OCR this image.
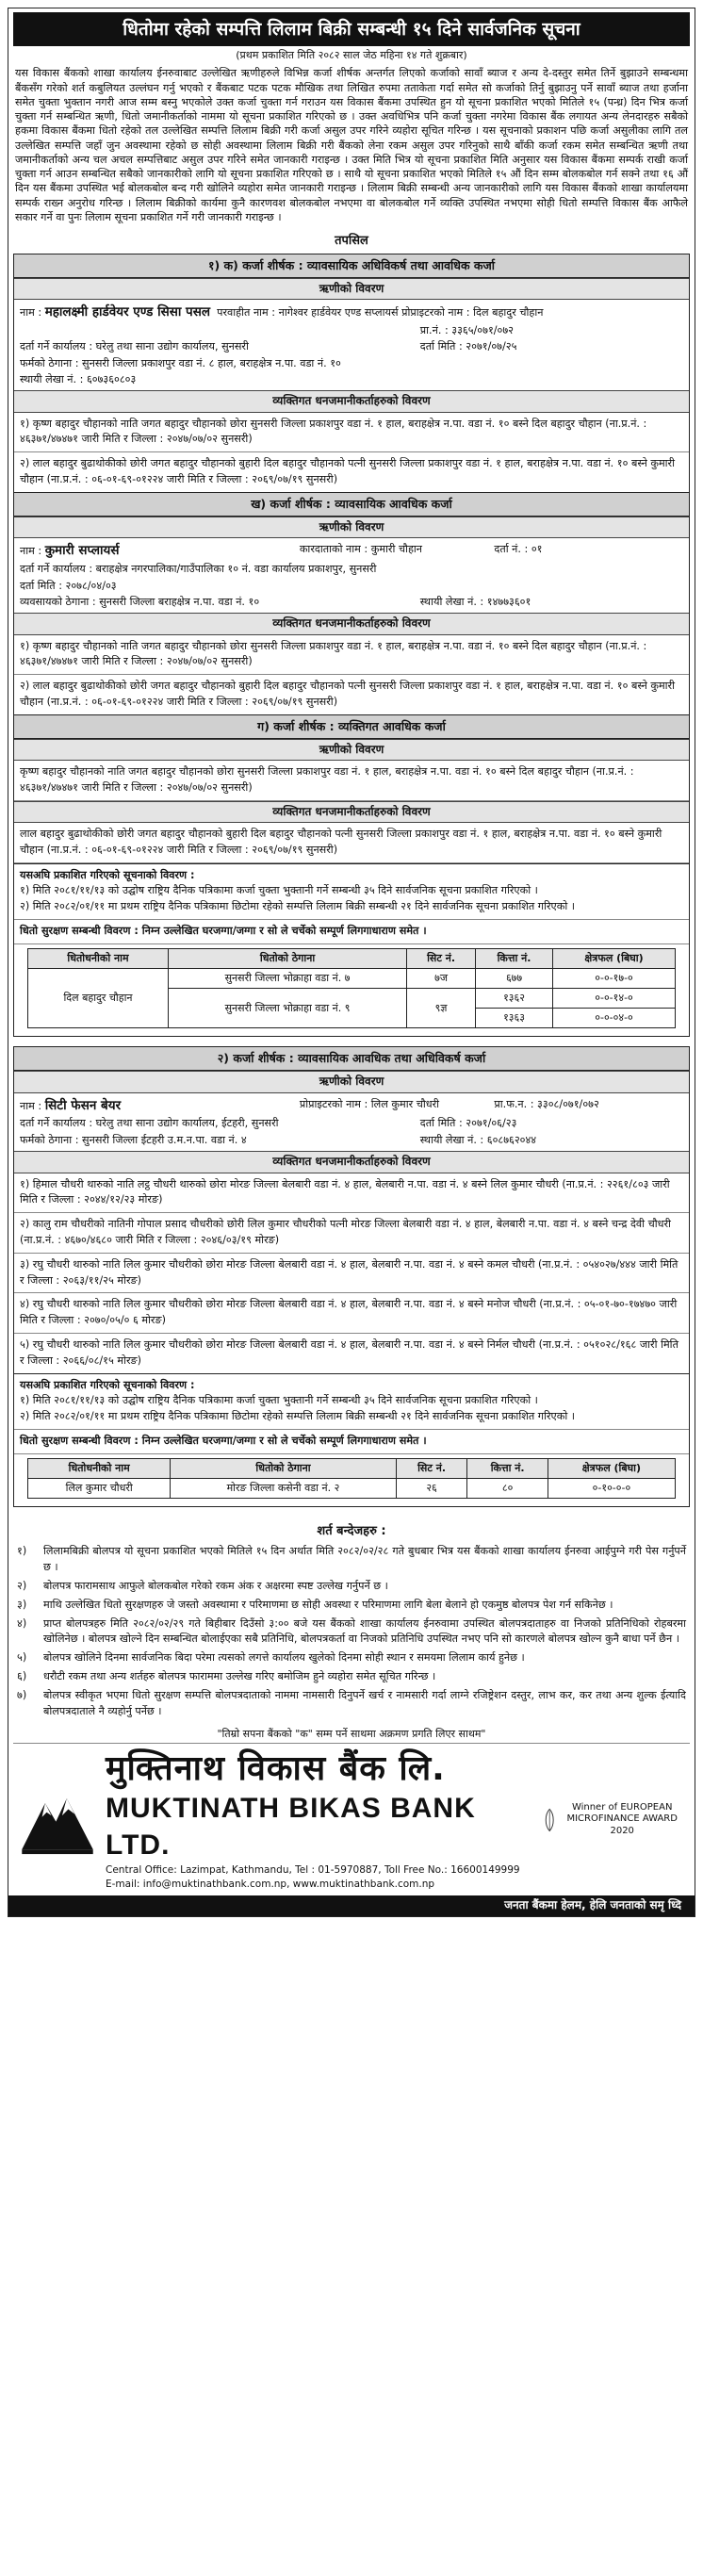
धितोमा रहेको सम्पत्ति लिलाम बिक्री सम्बन्धी १५ दिने सार्वजनिक सूचना
(प्रथम प्रकाशित मिति २०८२ साल जेठ महिना १४ गते शुक्रबार)
यस विकास बैंकको शाखा कार्यालय ईनरुवाबाट उल्लेखित ऋणीहरुले विभिन्न कर्जा शीर्षक अन्तर्गत लिएको कर्जाको सावाँ ब्याज र अन्य दे-दस्तुर समेत तिर्ने बुझाउने सम्बन्धमा बैंकसँग गरेको शर्त कबुलियत उल्लंघन गर्नु भएको र बैंकबाट पटक पटक मौखिक तथा लिखित रुपमा तताकेता गर्दा समेत सो कर्जाको तिर्नु बुझाउनु पर्ने सावाँ ब्याज तथा हर्जाना समेत चुक्ता भुक्तान नगरी आज सम्म बस्नु भएकोले उक्त कर्जा चुक्ता गर्न गराउन यस विकास बैंकमा उपस्थित हुन यो सूचना प्रकाशित भएको मितिले १५ (पन्ध्र) दिन भित्र कर्जा चुक्ता गर्न सम्बन्धित ऋणी, धितो जमानीकर्ताको नाममा यो सूचना प्रकाशित गरिएको छ । उक्त अवधिभित्र पनि कर्जा चुक्ता नगरेमा विकास बैंक लगायत अन्य लेनदारहरु सबैको हकमा विकास बैंकमा धितो रहेको तल उल्लेखित सम्पत्ति लिलाम बिक्री गरी कर्जा असुल उपर गरिने व्यहोरा सूचित गरिन्छ । यस सूचनाको प्रकाशन पछि कर्जा असुलीका लागि तल उल्लेखित सम्पत्ति जहाँ जुन अवस्थामा रहेको छ सोही अवस्थामा लिलाम बिक्री गरी बैंकको लेना रकम असुल उपर गरिनुको साथै बाँकी कर्जा रकम समेत सम्बन्धित ऋणी तथा जमानीकर्ताको अन्य चल अचल सम्पत्तिबाट असुल उपर गरिने समेत जानकारी गराइन्छ । उक्त मिति भित्र यो सूचना प्रकाशित मिति अनुसार यस विकास बैंकमा सम्पर्क राखी कर्जा चुक्ता गर्न आउन सम्बन्धित सबैको जानकारीको लागि यो सूचना प्रकाशित गरिएको छ । साथै यो सूचना प्रकाशित भएको मितिले १५ औं दिन सम्म बोलकबोल गर्न सक्ने तथा १६ औं दिन यस बैंकमा उपस्थित भई बोलकबोल बन्द गरी खोलिने व्यहोरा समेत जानकारी गराइन्छ । लिलाम बिक्री सम्बन्धी अन्य जानकारीको लागि यस विकास बैंकको शाखा कार्यालयमा सम्पर्क राख्न अनुरोध गरिन्छ । लिलाम बिक्रीको कार्यमा कुनै कारणवश बोलकबोल नभएमा वा बोलकबोल गर्ने व्यक्ति उपस्थित नभएमा सोही धितो सम्पत्ति विकास बैंक आफैले सकार गर्ने वा पुनः लिलाम सूचना प्रकाशित गर्ने गरी जानकारी गराइन्छ ।
तपसिल
१) क) कर्जा शीर्षक : व्यावसायिक अधिविकर्ष तथा आवधिक कर्जा
ऋणीको विवरण
नाम : महालक्ष्मी हार्डवेयर एण्ड सिसा पसल परवाहीत नाम : नागेश्वर हार्डवेयर एण्ड सप्लायर्स प्रोप्राइटरको नाम : दिल बहादुर चौहान
प्रा.नं. : ३३६५/०७१/०७२
दर्ता गर्ने कार्यालय : घरेलु तथा साना उद्योग कार्यालय, सुनसरी	दर्ता मिति : २०७१/०७/२५
फर्मको ठेगाना : सुनसरी जिल्ला प्रकाशपुर वडा नं. ८ हाल, बराहक्षेत्र न.पा. वडा नं. १०
स्थायी लेखा नं. : ६०७३६०८०३
व्यक्तिगत धनजमानीकर्ताहरुको विवरण
१) कृष्ण बहादुर चौहानको नाति जगत बहादुर चौहानको छोरा सुनसरी जिल्ला प्रकाशपुर वडा नं. १ हाल, बराहक्षेत्र न.पा. वडा नं. १० बस्ने दिल बहादुर चौहान (ना.प्र.नं. : ४६३७१/४७४७१ जारी मिति र जिल्ला : २०४७/०७/०२ सुनसरी)
२) लाल बहादुर बुढाथोकीको छोरी जगत बहादुर चौहानको बुहारी दिल बहादुर चौहानको पत्नी सुनसरी जिल्ला प्रकाशपुर वडा नं. १ हाल, बराहक्षेत्र न.पा. वडा नं. १० बस्ने कुमारी चौहान (ना.प्र.नं. : ०६-०१-६९-०१२२४ जारी मिति र जिल्ला : २०६९/०७/१९ सुनसरी)
ख) कर्जा शीर्षक : व्यावसायिक आवधिक कर्जा
ऋणीको विवरण
नाम : कुमारी सप्लायर्स	कारदाताको नाम : कुमारी चौहान	दर्ता नं. : ०१
दर्ता गर्ने कार्यालय : बराहक्षेत्र नगरपालिका/गाउँपालिका १० नं. वडा कार्यालय प्रकाशपुर, सुनसरी
दर्ता मिति : २०७८/०४/०३
व्यवसायको ठेगाना : सुनसरी जिल्ला बराहक्षेत्र न.पा. वडा नं. १०	स्थायी लेखा नं. : १४७७३६०१
व्यक्तिगत धनजमानीकर्ताहरुको विवरण
१) कृष्ण बहादुर चौहानको नाति जगत बहादुर चौहानको छोरा सुनसरी जिल्ला प्रकाशपुर वडा नं. १ हाल, बराहक्षेत्र न.पा. वडा नं. १० बस्ने दिल बहादुर चौहान (ना.प्र.नं. : ४६३७१/४७४७१ जारी मिति र जिल्ला : २०४७/०७/०२ सुनसरी)
२) लाल बहादुर बुढाथोकीको छोरी जगत बहादुर चौहानको बुहारी दिल बहादुर चौहानको पत्नी सुनसरी जिल्ला प्रकाशपुर वडा नं. १ हाल, बराहक्षेत्र न.पा. वडा नं. १० बस्ने कुमारी चौहान (ना.प्र.नं. : ०६-०१-६९-०१२२४ जारी मिति र जिल्ला : २०६९/०७/१९ सुनसरी)
ग) कर्जा शीर्षक : व्यक्तिगत आवधिक कर्जा
ऋणीको विवरण
कृष्ण बहादुर चौहानको नाति जगत बहादुर चौहानको छोरा सुनसरी जिल्ला प्रकाशपुर वडा नं. १ हाल, बराहक्षेत्र न.पा. वडा नं. १० बस्ने दिल बहादुर चौहान (ना.प्र.नं. : ४६३७१/४७४७१ जारी मिति र जिल्ला : २०४७/०७/०२ सुनसरी)
व्यक्तिगत धनजमानीकर्ताहरुको विवरण
लाल बहादुर बुढाथोकीको छोरी जगत बहादुर चौहानको बुहारी दिल बहादुर चौहानको पत्नी सुनसरी जिल्ला प्रकाशपुर वडा नं. १ हाल, बराहक्षेत्र न.पा. वडा नं. १० बस्ने कुमारी चौहान (ना.प्र.नं. : ०६-०१-६९-०१२२४ जारी मिति र जिल्ला : २०६९/०७/१९ सुनसरी)
यसअघि प्रकाशित गरिएको सूचनाको विवरण :
१) मिति २०८१/११/१३ को उद्घोष राष्ट्रिय दैनिक पत्रिकामा कर्जा चुक्ता भुक्तानी गर्ने सम्बन्धी ३५ दिने सार्वजनिक सूचना प्रकाशित गरिएको ।
२) मिति २०८२/०१/११ मा प्रथम राष्ट्रिय दैनिक पत्रिकामा छिटोमा रहेको सम्पत्ति लिलाम बिक्री सम्बन्धी २१ दिने सार्वजनिक सूचना प्रकाशित गरिएको ।
धितो सुरक्षण सम्बन्धी विवरण : निम्न उल्लेखित घरजग्गा/जग्गा र सो ले चर्चेको सम्पूर्ण लिगगाधाराण समेत ।
धितोधनीको नाम	धितोको ठेगाना	सिट नं.	कित्ता नं.	क्षेत्रफल (बिघा)
दिल बहादुर चौहान	सुनसरी जिल्ला भोक्राहा वडा नं. ७	७ज	६७७	०-०-१७-०
	सुनसरी जिल्ला भोक्राहा वडा नं. ९	९ज्ञ	१३६२	०-०-१४-०
			१३६३	०-०-०४-०
२) कर्जा शीर्षक : व्यावसायिक आवधिक तथा अधिविकर्ष कर्जा
ऋणीको विवरण
नाम : सिटी फेसन बेयर	प्रोप्राइटरको नाम : लिल कुमार चौधरी	प्रा.फ.न. : ३३०८/०७१/०७२
दर्ता गर्ने कार्यालय : घरेलु तथा साना उद्योग कार्यालय, ईटहरी, सुनसरी	दर्ता मिति : २०७१/०६/२३
फर्मको ठेगाना : सुनसरी जिल्ला ईटहरी उ.म.न.पा. वडा नं. ४	स्थायी लेखा नं. : ६०८७६२०४४
व्यक्तिगत धनजमानीकर्ताहरुको विवरण
१) हिमाल चौधरी थारुको नाति लट्ठ चौधरी थारुको छोरा मोरङ जिल्ला बेलबारी वडा नं. ४ हाल, बेलबारी न.पा. वडा नं. ४ बस्ने लिल कुमार चौधरी (ना.प्र.नं. : २२६१/८०३ जारी मिति र जिल्ला : २०४४/१२/२३ मोरङ)
२) कालु राम चौधरीको नातिनी गोपाल प्रसाद चौधरीको छोरी लिल कुमार चौधरीको पत्नी मोरङ जिल्ला बेलबारी वडा नं. ४ हाल, बेलबारी न.पा. वडा नं. ४ बस्ने चन्द्र देवी चौधरी (ना.प्र.नं. : ४६७०/४६८० जारी मिति र जिल्ला : २०४६/०३/१९ मोरङ)
३) रघु चौधरी थारुको नाति लिल कुमार चौधरीको छोरा मोरङ जिल्ला बेलबारी वडा नं. ४ हाल, बेलबारी न.पा. वडा नं. ४ बस्ने कमल चौधरी (ना.प्र.नं. : ०५४०२७/४४४ जारी मिति र जिल्ला : २०६३/११/२५ मोरङ)
४) रघु चौधरी थारुको नाति लिल कुमार चौधरीको छोरा मोरङ जिल्ला बेलबारी वडा नं. ४ हाल, बेलबारी न.पा. वडा नं. ४ बस्ने मनोज चौधरी (ना.प्र.नं. : ०५-०१-७०-१७४७० जारी मिति र जिल्ला : २०७०/०५/० ६ मोरङ)
५) रघु चौधरी थारुको नाति लिल कुमार चौधरीको छोरा मोरङ जिल्ला बेलबारी वडा नं. ४ हाल, बेलबारी न.पा. वडा नं. ४ बस्ने निर्मल चौधरी (ना.प्र.नं. : ०५१०२८/१६८ जारी मिति र जिल्ला : २०६६/०८/१५ मोरङ)
यसअघि प्रकाशित गरिएको सूचनाको विवरण :
१) मिति २०८१/११/१३ को उद्घोष राष्ट्रिय दैनिक पत्रिकामा कर्जा चुक्ता भुक्तानी गर्ने सम्बन्धी ३५ दिने सार्वजनिक सूचना प्रकाशित गरिएको ।
२) मिति २०८२/०१/११ मा प्रथम राष्ट्रिय दैनिक पत्रिकामा छिटोमा रहेको सम्पत्ति लिलाम बिक्री सम्बन्धी २१ दिने सार्वजनिक सूचना प्रकाशित गरिएको ।
धितो सुरक्षण सम्बन्धी विवरण : निम्न उल्लेखित घरजग्गा/जग्गा र सो ले चर्चेको सम्पूर्ण लिगगाधाराण समेत ।
धितोधनीको नाम	धितोको ठेगाना	सिट नं.	कित्ता नं.	क्षेत्रफल (बिघा)
लिल कुमार चौधरी	मोरङ जिल्ला कसेनी वडा नं. २	२६	८०	०-१०-०-०
शर्त बन्देजहरु :
१)	लिलामबिक्री बोलपत्र यो सूचना प्रकाशित भएको मितिले १५ दिन अर्थात मिति २०८२/०२/२८ गते बुधबार भित्र यस बैंकको शाखा कार्यालय ईनरुवा आईपुग्ने गरी पेस गर्नुपर्ने छ ।
२)	बोलपत्र फारामसाथ आफुले बोलकबोल गरेको रकम अंक र अक्षरमा स्पष्ट उल्लेख गर्नुपर्ने छ ।
३)	माथि उल्लेखित धितो सुरक्षणहरु जे जस्तो अवस्थामा र परिमाणमा छ सोही अवस्था र परिमाणमा लागि बेला बेलाने हो एकमुष्ठ बोलपत्र पेश गर्न सकिनेछ ।
४)	प्राप्त बोलपत्रहरु मिति २०८२/०२/२९ गते बिहीबार दिउँसो ३:०० बजे यस बैंकको शाखा कार्यालय ईनरुवामा उपस्थित बोलपत्रदाताहरु वा निजको प्रतिनिधिको रोहबरमा खोलिनेछ । बोलपत्र खोल्ने दिन सम्बन्धित बोलाईएका सबै प्रतिनिधि, बोलपत्रकर्ता वा निजको प्रतिनिधि उपस्थित नभए पनि सो कारणले बोलपत्र खोल्न कुनै बाधा पर्ने छैन ।
५)	बोलपत्र खोलिने दिनमा सार्वजनिक बिदा परेमा त्यसको लगत्ते कार्यालय खुलेको दिनमा सोही स्थान र समयमा लिलाम कार्य हुनेछ ।
६)	धरौटी रकम तथा अन्य शर्तहरु बोलपत्र फाराममा उल्लेख गरिए बमोजिम हुने व्यहोरा समेत सूचित गरिन्छ ।
७)	बोलपत्र स्वीकृत भएमा धितो सुरक्षण सम्पत्ति बोलपत्रदाताको नाममा नामसारी दिनुपर्ने खर्च र नामसारी गर्दा लाग्ने रजिष्ट्रेशन दस्तुर, लाभ कर, कर तथा अन्य शुल्क ईत्यादि बोलपत्रदाताले नै व्यहोर्नु पर्नेछ ।
"तिम्रो सपना बैंकको "क" सम्म पर्ने साथमा अक्रमण प्रगति लिएर साथम"
मुक्तिनाथ विकास बैंक लि.
MUKTINATH BIKAS BANK LTD.
Central Office: Lazimpat, Kathmandu, Tel : 01-5970887, Toll Free No.: 16600149999
E-mail: info@muktinathbank.com.np, www.muktinathbank.com.np
Winner of EUROPEAN MICROFINANCE AWARD 2020
जनता बैंकमा हेलम, हेलि जनताको समृ ध्दि
